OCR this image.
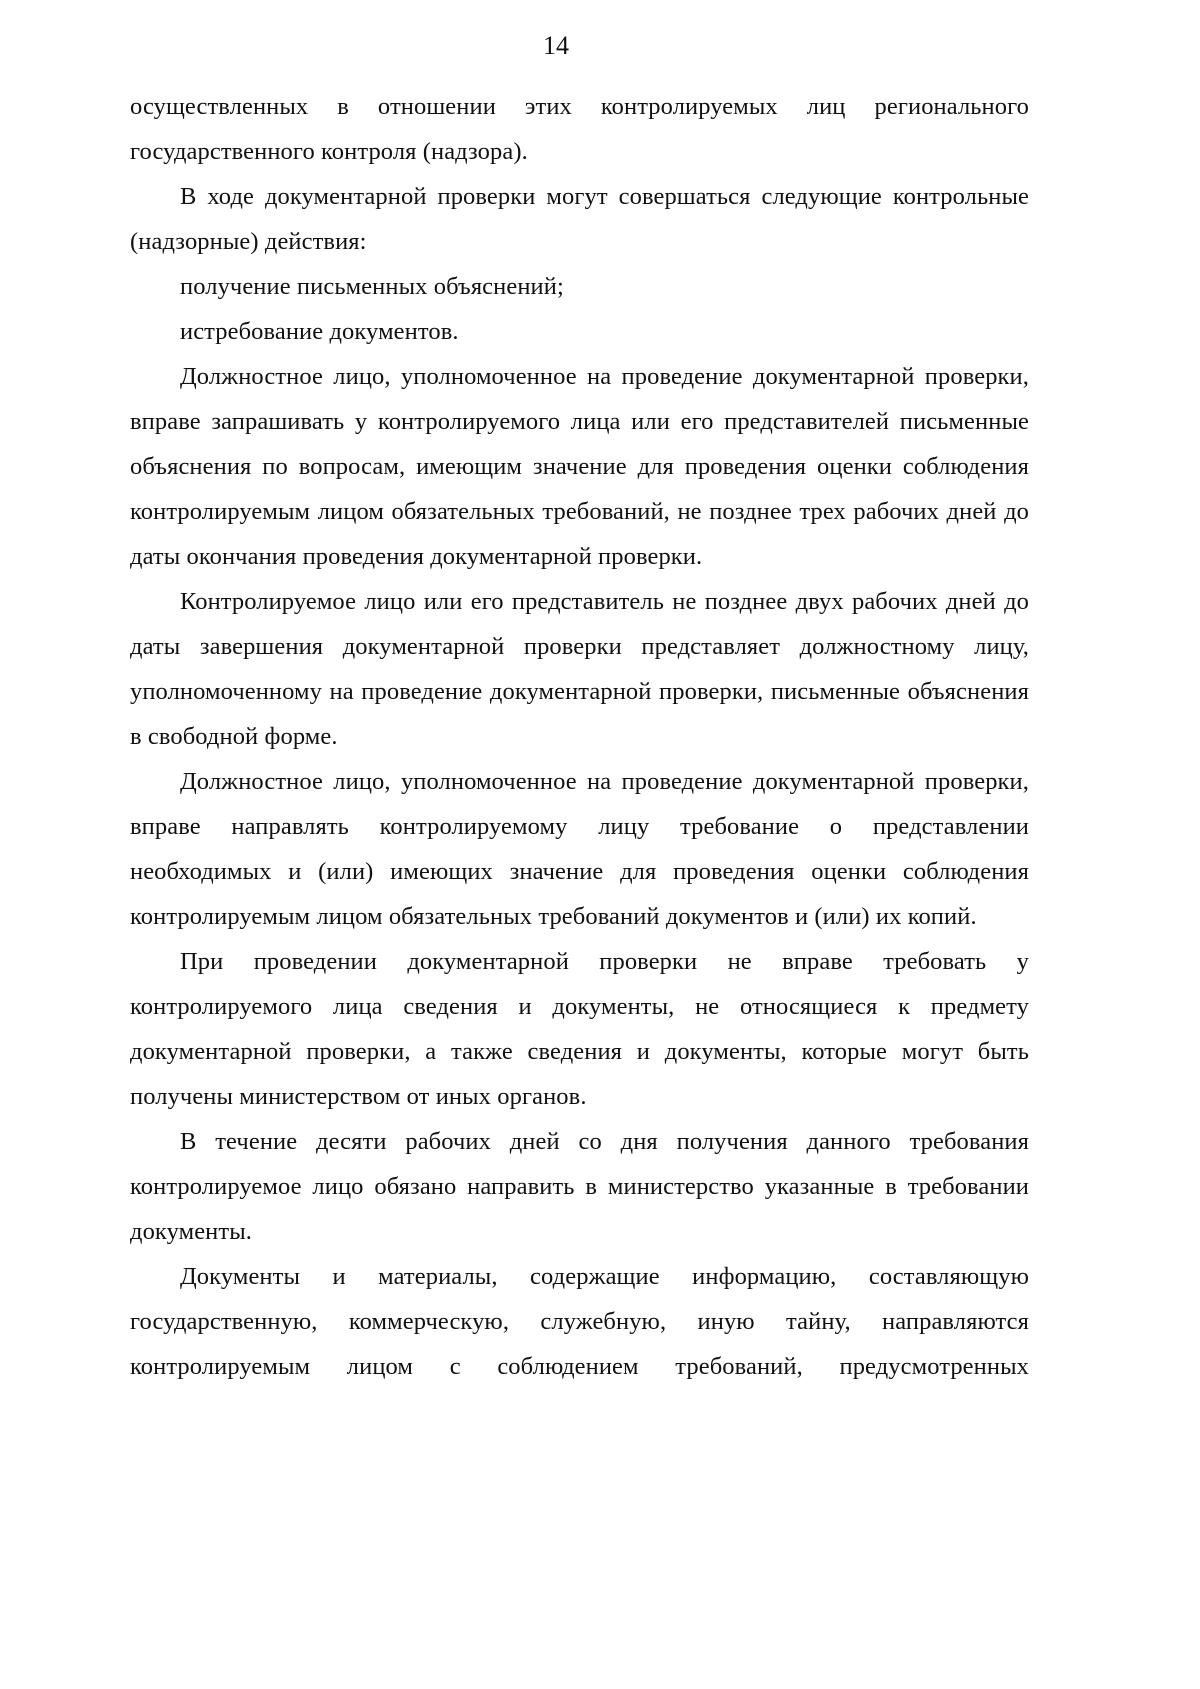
14

осуществленных в отношении этих контролируемых лиц регионального государственного контроля (надзора).

В ходе документарной проверки могут совершаться следующие контрольные (надзорные) действия:

получение письменных объяснений;

истребование документов.

Должностное лицо, уполномоченное на проведение документарной проверки, вправе запрашивать у контролируемого лица или его представителей письменные объяснения по вопросам, имеющим значение для проведения оценки соблюдения контролируемым лицом обязательных требований, не позднее трех рабочих дней до даты окончания проведения документарной проверки.

Контролируемое лицо или его представитель не позднее двух рабочих дней до даты завершения документарной проверки представляет должностному лицу, уполномоченному на проведение документарной проверки, письменные объяснения в свободной форме.

Должностное лицо, уполномоченное на проведение документарной проверки, вправе направлять контролируемому лицу требование о представлении необходимых и (или) имеющих значение для проведения оценки соблюдения контролируемым лицом обязательных требований документов и (или) их копий.

При проведении документарной проверки не вправе требовать у контролируемого лица сведения и документы, не относящиеся к предмету документарной проверки, а также сведения и документы, которые могут быть получены министерством от иных органов.

В течение десяти рабочих дней со дня получения данного требования контролируемое лицо обязано направить в министерство указанные в требовании документы.

Документы и материалы, содержащие информацию, составляющую государственную, коммерческую, служебную, иную тайну, направляются контролируемым лицом с соблюдением требований, предусмотренных
